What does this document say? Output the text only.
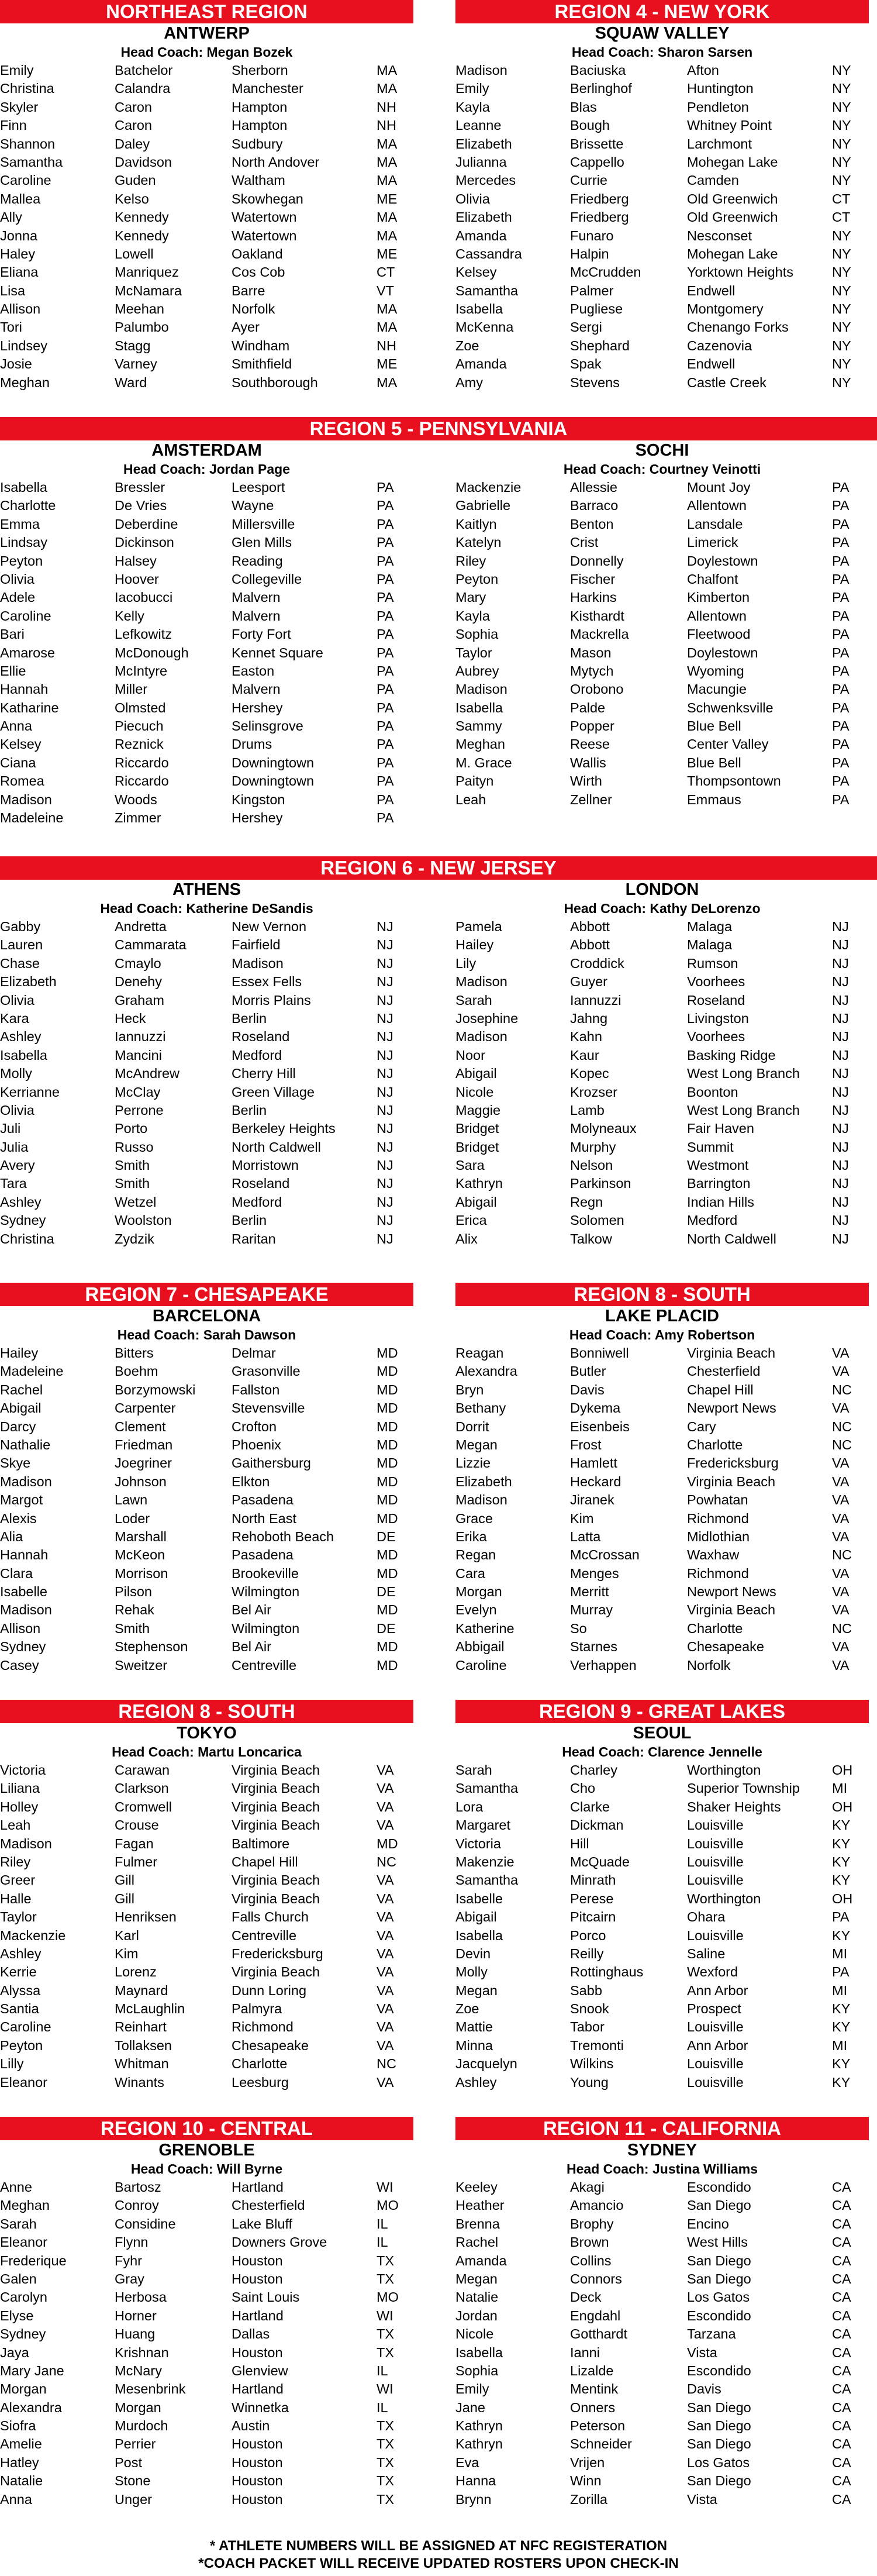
NORTHEAST REGION
ANTWERP
Head Coach: Megan Bozek
Emily	Batchelor	Sherborn	MA
Christina	Calandra	Manchester	MA
Skyler	Caron	Hampton	NH
Finn	Caron	Hampton	NH
Shannon	Daley	Sudbury	MA
Samantha	Davidson	North Andover	MA
Caroline	Guden	Waltham	MA
Mallea	Kelso	Skowhegan	ME
Ally	Kennedy	Watertown	MA
Jonna	Kennedy	Watertown	MA
Haley	Lowell	Oakland	ME
Eliana	Manriquez	Cos Cob	CT
Lisa	McNamara	Barre	VT
Allison	Meehan	Norfolk	MA
Tori	Palumbo	Ayer	MA
Lindsey	Stagg	Windham	NH
Josie	Varney	Smithfield	ME
Meghan	Ward	Southborough	MA
REGION 4 - NEW YORK
SQUAW VALLEY
Head Coach: Sharon Sarsen
Madison	Baciuska	Afton	NY
Emily	Berlinghof	Huntington	NY
Kayla	Blas	Pendleton	NY
Leanne	Bough	Whitney Point	NY
Elizabeth	Brissette	Larchmont	NY
Julianna	Cappello	Mohegan Lake	NY
Mercedes	Currie	Camden	NY
Olivia	Friedberg	Old Greenwich	CT
Elizabeth	Friedberg	Old Greenwich	CT
Amanda	Funaro	Nesconset	NY
Cassandra	Halpin	Mohegan Lake	NY
Kelsey	McCrudden	Yorktown Heights	NY
Samantha	Palmer	Endwell	NY
Isabella	Pugliese	Montgomery	NY
McKenna	Sergi	Chenango Forks	NY
Zoe	Shephard	Cazenovia	NY
Amanda	Spak	Endwell	NY
Amy	Stevens	Castle Creek	NY
REGION 5 - PENNSYLVANIA
AMSTERDAM
Head Coach: Jordan Page
Isabella	Bressler	Leesport	PA
Charlotte	De Vries	Wayne	PA
Emma	Deberdine	Millersville	PA
Lindsay	Dickinson	Glen Mills	PA
Peyton	Halsey	Reading	PA
Olivia	Hoover	Collegeville	PA
Adele	Iacobucci	Malvern	PA
Caroline	Kelly	Malvern	PA
Bari	Lefkowitz	Forty Fort	PA
Amarose	McDonough	Kennet Square	PA
Ellie	McIntyre	Easton	PA
Hannah	Miller	Malvern	PA
Katharine	Olmsted	Hershey	PA
Anna	Piecuch	Selinsgrove	PA
Kelsey	Reznick	Drums	PA
Ciana	Riccardo	Downingtown	PA
Romea	Riccardo	Downingtown	PA
Madison	Woods	Kingston	PA
Madeleine	Zimmer	Hershey	PA
SOCHI
Head Coach: Courtney Veinotti
Mackenzie	Allessie	Mount Joy	PA
Gabrielle	Barraco	Allentown	PA
Kaitlyn	Benton	Lansdale	PA
Katelyn	Crist	Limerick	PA
Riley	Donnelly	Doylestown	PA
Peyton	Fischer	Chalfont	PA
Mary	Harkins	Kimberton	PA
Kayla	Kisthardt	Allentown	PA
Sophia	Mackrella	Fleetwood	PA
Taylor	Mason	Doylestown	PA
Aubrey	Mytych	Wyoming	PA
Madison	Orobono	Macungie	PA
Isabella	Palde	Schwenksville	PA
Sammy	Popper	Blue Bell	PA
Meghan	Reese	Center Valley	PA
M. Grace	Wallis	Blue Bell	PA
Paityn	Wirth	Thompsontown	PA
Leah	Zellner	Emmaus	PA
REGION 6 - NEW JERSEY
ATHENS
Head Coach: Katherine DeSandis
Gabby	Andretta	New Vernon	NJ
Lauren	Cammarata	Fairfield	NJ
Chase	Cmaylo	Madison	NJ
Elizabeth	Denehy	Essex Fells	NJ
Olivia	Graham	Morris Plains	NJ
Kara	Heck	Berlin	NJ
Ashley	Iannuzzi	Roseland	NJ
Isabella	Mancini	Medford	NJ
Molly	McAndrew	Cherry Hill	NJ
Kerrianne	McClay	Green Village	NJ
Olivia	Perrone	Berlin	NJ
Juli	Porto	Berkeley Heights	NJ
Julia	Russo	North Caldwell	NJ
Avery	Smith	Morristown	NJ
Tara	Smith	Roseland	NJ
Ashley	Wetzel	Medford	NJ
Sydney	Woolston	Berlin	NJ
Christina	Zydzik	Raritan	NJ
LONDON
Head Coach: Kathy DeLorenzo
Pamela	Abbott	Malaga	NJ
Hailey	Abbott	Malaga	NJ
Lily	Croddick	Rumson	NJ
Madison	Guyer	Voorhees	NJ
Sarah	Iannuzzi	Roseland	NJ
Josephine	Jahng	Livingston	NJ
Madison	Kahn	Voorhees	NJ
Noor	Kaur	Basking Ridge	NJ
Abigail	Kopec	West Long Branch NJ
Nicole	Krozser	Boonton	NJ
Maggie	Lamb	West Long Branch NJ
Bridget	Molyneaux	Fair Haven	NJ
Bridget	Murphy	Summit	NJ
Sara	Nelson	Westmont	NJ
Kathryn	Parkinson	Barrington	NJ
Abigail	Regn	Indian Hills	NJ
Erica	Solomen	Medford	NJ
Alix	Talkow	North Caldwell	NJ
REGION 7 - CHESAPEAKE
BARCELONA
Head Coach: Sarah Dawson
Hailey	Bitters	Delmar	MD
Madeleine	Boehm	Grasonville	MD
Rachel	Borzymowski	Fallston	MD
Abigail	Carpenter	Stevensville	MD
Darcy	Clement	Crofton	MD
Nathalie	Friedman	Phoenix	MD
Skye	Joegriner	Gaithersburg	MD
Madison	Johnson	Elkton	MD
Margot	Lawn	Pasadena	MD
Alexis	Loder	North East	MD
Alia	Marshall	Rehoboth Beach	DE
Hannah	McKeon	Pasadena	MD
Clara	Morrison	Brookeville	MD
Isabelle	Pilson	Wilmington	DE
Madison	Rehak	Bel Air	MD
Allison	Smith	Wilmington	DE
Sydney	Stephenson	Bel Air	MD
Casey	Sweitzer	Centreville	MD
REGION 8 - SOUTH
LAKE PLACID
Head Coach: Amy Robertson
Reagan	Bonniwell	Virginia Beach	VA
Alexandra	Butler	Chesterfield	VA
Bryn	Davis	Chapel Hill	NC
Bethany	Dykema	Newport News	VA
Dorrit	Eisenbeis	Cary	NC
Megan	Frost	Charlotte	NC
Lizzie	Hamlett	Fredericksburg	VA
Elizabeth	Heckard	Virginia Beach	VA
Madison	Jiranek	Powhatan	VA
Grace	Kim	Richmond	VA
Erika	Latta	Midlothian	VA
Regan	McCrossan	Waxhaw	NC
Cara	Menges	Richmond	VA
Morgan	Merritt	Newport News	VA
Evelyn	Murray	Virginia Beach	VA
Katherine	So	Charlotte	NC
Abbigail	Starnes	Chesapeake	VA
Caroline	Verhappen	Norfolk	VA
REGION 8 - SOUTH
TOKYO
Head Coach: Martu Loncarica
Victoria	Carawan	Virginia Beach	VA
Liliana	Clarkson	Virginia Beach	VA
Holley	Cromwell	Virginia Beach	VA
Leah	Crouse	Virginia Beach	VA
Madison	Fagan	Baltimore	MD
Riley	Fulmer	Chapel Hill	NC
Greer	Gill	Virginia Beach	VA
Halle	Gill	Virginia Beach	VA
Taylor	Henriksen	Falls Church	VA
Mackenzie	Karl	Centreville	VA
Ashley	Kim	Fredericksburg	VA
Kerrie	Lorenz	Virginia Beach	VA
Alyssa	Maynard	Dunn Loring	VA
Santia	McLaughlin	Palmyra	VA
Caroline	Reinhart	Richmond	VA
Peyton	Tollaksen	Chesapeake	VA
Lilly	Whitman	Charlotte	NC
Eleanor	Winants	Leesburg	VA
REGION 9 - GREAT LAKES
SEOUL
Head Coach: Clarence Jennelle
Sarah	Charley	Worthington	OH
Samantha	Cho	Superior Township MI
Lora	Clarke	Shaker Heights	OH
Margaret	Dickman	Louisville	KY
Victoria	Hill	Louisville	KY
Makenzie	McQuade	Louisville	KY
Samantha	Minrath	Louisville	KY
Isabelle	Perese	Worthington	OH
Abigail	Pitcairn	Ohara	PA
Isabella	Porco	Louisville	KY
Devin	Reilly	Saline	MI
Molly	Rottinghaus	Wexford	PA
Megan	Sabb	Ann Arbor	MI
Zoe	Snook	Prospect	KY
Mattie	Tabor	Louisville	KY
Minna	Tremonti	Ann Arbor	MI
Jacquelyn	Wilkins	Louisville	KY
Ashley	Young	Louisville	KY
REGION 10 - CENTRAL
GRENOBLE
Head Coach: Will Byrne
Anne	Bartosz	Hartland	WI
Meghan	Conroy	Chesterfield	MO
Sarah	Considine	Lake Bluff	IL
Eleanor	Flynn	Downers Grove	IL
Frederique	Fyhr	Houston	TX
Galen	Gray	Houston	TX
Carolyn	Herbosa	Saint Louis	MO
Elyse	Horner	Hartland	WI
Sydney	Huang	Dallas	TX
Jaya	Krishnan	Houston	TX
Mary Jane	McNary	Glenview	IL
Morgan	Mesenbrink	Hartland	WI
Alexandra	Morgan	Winnetka	IL
Siofra	Murdoch	Austin	TX
Amelie	Perrier	Houston	TX
Hatley	Post	Houston	TX
Natalie	Stone	Houston	TX
Anna	Unger	Houston	TX
REGION 11 - CALIFORNIA
SYDNEY
Head Coach: Justina Williams
Keeley	Akagi	Escondido	CA
Heather	Amancio	San Diego	CA
Brenna	Brophy	Encino	CA
Rachel	Brown	West Hills	CA
Amanda	Collins	San Diego	CA
Megan	Connors	San Diego	CA
Natalie	Deck	Los Gatos	CA
Jordan	Engdahl	Escondido	CA
Nicole	Gotthardt	Tarzana	CA
Isabella	Ianni	Vista	CA
Sophia	Lizalde	Escondido	CA
Emily	Mentink	Davis	CA
Jane	Onners	San Diego	CA
Kathryn	Peterson	San Diego	CA
Kathryn	Schneider	San Diego	CA
Eva	Vrijen	Los Gatos	CA
Hanna	Winn	San Diego	CA
Brynn	Zorilla	Vista	CA
* ATHLETE NUMBERS WILL BE ASSIGNED AT NFC REGISTERATION
*COACH PACKET WILL RECEIVE UPDATED ROSTERS UPON CHECK-IN
